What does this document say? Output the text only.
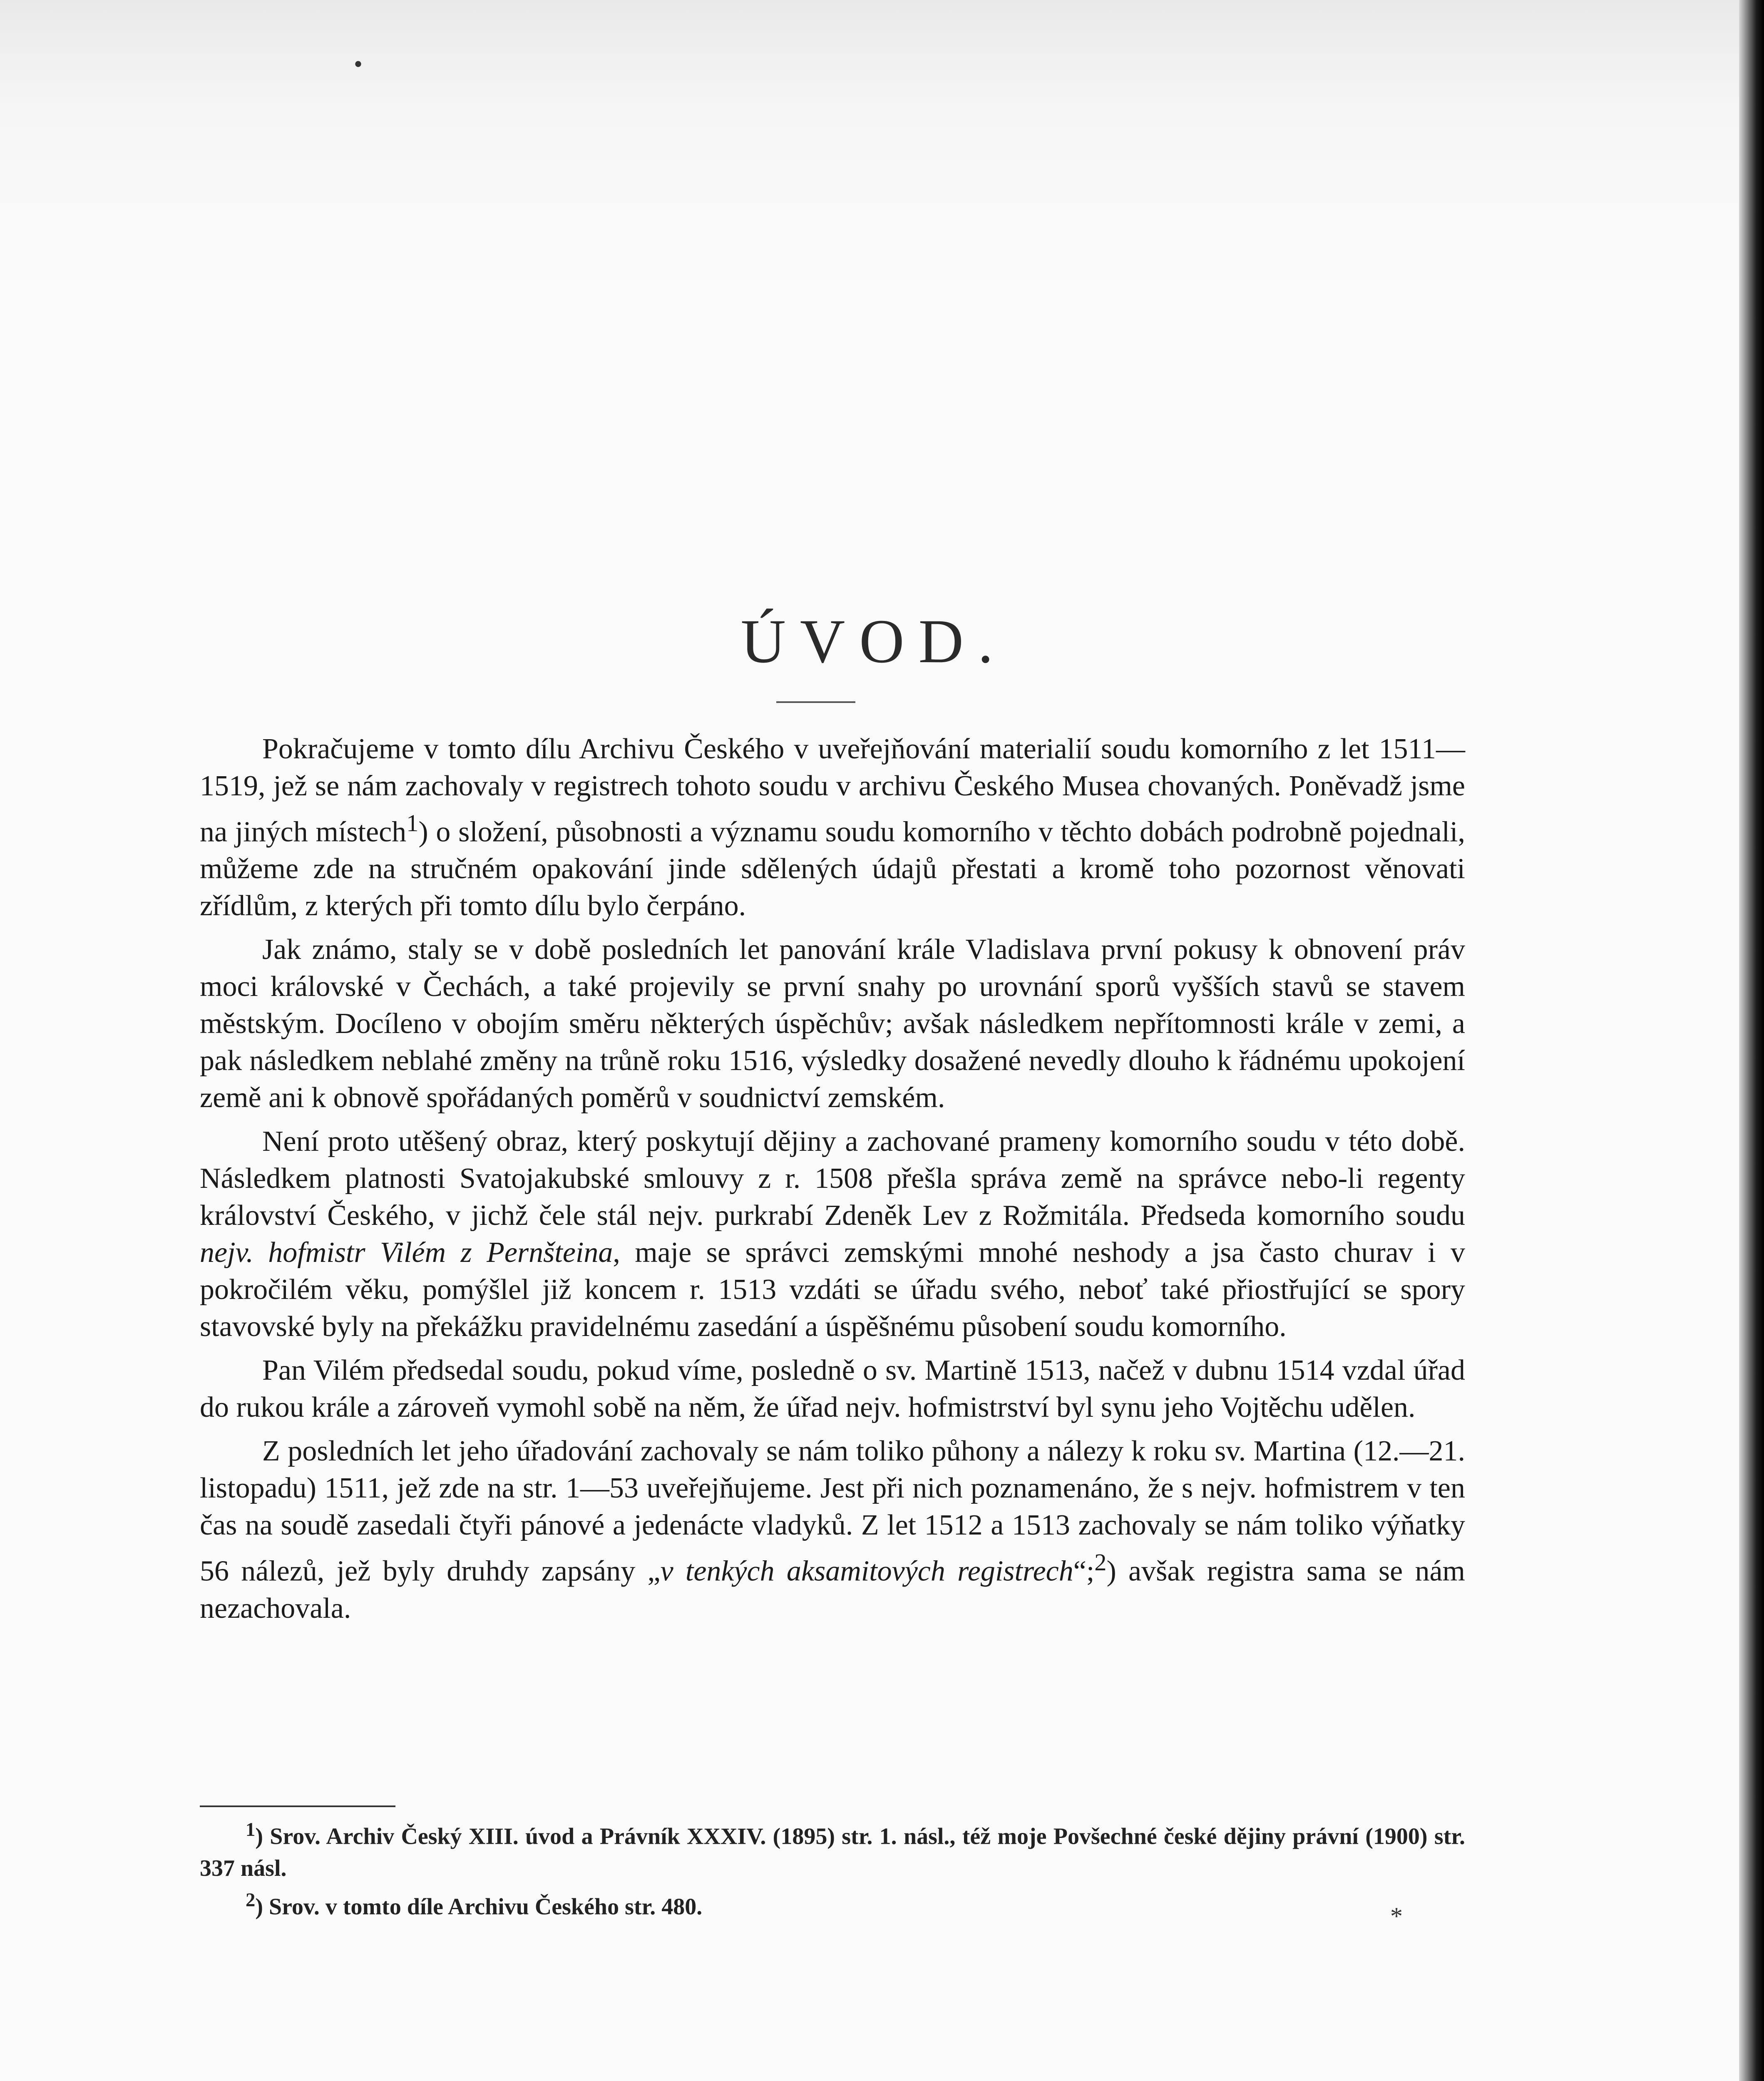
•
ÚVOD.

Pokračujeme v tomto dílu Archivu Českého v uveřejňování materialií soudu komorního z let 1511—1519, jež se nám zachovaly v registrech tohoto soudu v archivu Českého Musea chovaných. Poněvadž jsme na jiných místech$^1$) o složení, působnosti a významu soudu komorního v těchto dobách podrobně pojednali, můžeme zde na stručném opakování jinde sdělených údajů přestati a kromě toho pozornost věnovati zřídlům, z kterých při tomto dílu bylo čerpáno.

Jak známo, staly se v době posledních let panování krále Vladislava první pokusy k obnovení práv moci královské v Čechách, a také projevily se první snahy po urovnání sporů vyšších stavů se stavem městským. Docíleno v obojím směru některých úspěchův; avšak následkem nepřítomnosti krále v zemi, a pak následkem neblahé změny na trůně roku 1516, výsledky dosažené nevedly dlouho k řádnému upokojení země ani k obnově spořádaných poměrů v soudnictví zemském.

Není proto utěšený obraz, který poskytují dějiny a zachované prameny komorního soudu v této době. Následkem platnosti Svatojakubské smlouvy z r. 1508 přešla správa země na správce nebo-li regenty království Českého, v jichž čele stál nejv. purkrabí Zdeněk Lev z Rožmitála. Předseda komorního soudu nejv. hofmistr Vilém z Pernšteina, maje se správci zemskými mnohé neshody a jsa často churav i v pokročilém věku, pomýšlel již koncem r. 1513 vzdáti se úřadu svého, neboť také přiostřující se spory stavovské byly na překážku pravidelnému zasedání a úspěšnému působení soudu komorního.

Pan Vilém předsedal soudu, pokud víme, posledně o sv. Martině 1513, načež v dubnu 1514 vzdal úřad do rukou krále a zároveň vymohl sobě na něm, že úřad nejv. hofmistrství byl synu jeho Vojtěchu udělen.

Z posledních let jeho úřadování zachovaly se nám toliko půhony a nálezy k roku sv. Martina (12.—21. listopadu) 1511, jež zde na str. 1—53 uveřejňujeme. Jest při nich poznamenáno, že s nejv. hofmistrem v ten čas na soudě zasedali čtyři pánové a jedenácte vladyků. Z let 1512 a 1513 zachovaly se nám toliko výňatky 56 nálezů, jež byly druhdy zapsány „v tenkých aksamitových registrech“;$^2$) avšak registra sama se nám nezachovala.

$^1$) Srov. Archiv Český XIII. úvod a Právník XXXIV. (1895) str. 1. násl., též moje Povšechné české dějiny právní (1900) str. 337 násl.

$^2$) Srov. v tomto díle Archivu Českého str. 480.	*
